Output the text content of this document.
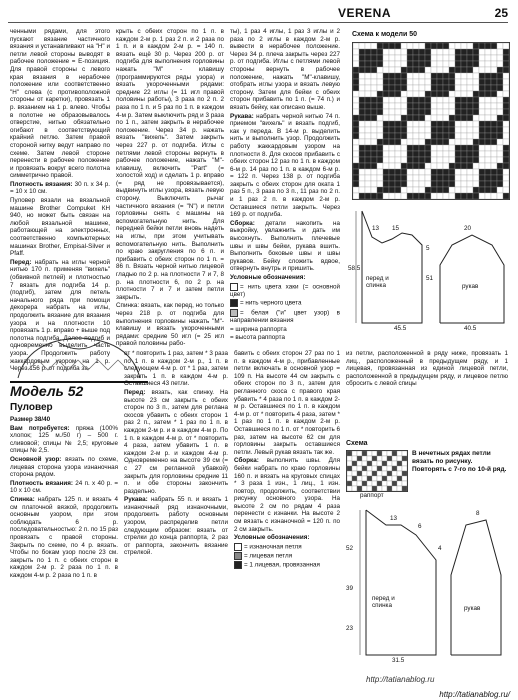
VERENA	25

ченными рядами, для этого пускают вязание частичного вязания и устанавливают на "Н" и петли левой стороны выводят в рабочее положение = Е-позиция. Для правой стороны с левого края вязания в нерабочее положение или соответственно "Н" слева (с противоположной стороны от каретки), провязать 1 р. вязанием на 1 р. влево. Чтобы в полотне не образовывалось отверстие, нитью обязательно огибают в соответствующий крайний петлю. Затем правой стороной нитку ведут направо по схеме. Затем левой стороне перенести в рабочее положение и провязать вокруг всего полотна симметрично правой.

Плотность вязания: 30 п. х 34 р. = 10 х 10 см.

Пуловер вязали на вязальной машине Brother Compuket КН 940, но может быть связан на любой вязальной машине, работающей на электронных, соответственно компьютерных машинах Brother, Empisal-Silver и Pfaff.

Перед: набрать на иглы черной нитью 170 п. применяя "вихель" (обвивной петлей) и плотностью 7 вязать для подгиба 14 р. (подгиб), затем для петель начального ряда при помощи декорера набрать на иглы, продолжить вязание для вязания узора и на плотности 10 провязать 1 р. вправо + выше под полотна подгиба. Далее подгиб и одновременно выделить часть узора. Продолжить работу жаккардовым узором на 1 р. Через 156 р. от подгиба за-

крыть с обеих сторон по 1 п. в каждом 2-м р. 1 раз 2 п. и 2 раза по 1 п. и в каждом 2-м р. = 140 п. вязать ещё 30 р. Через 200 р. от подгиба для выполнения горловины нажать "М" - клавишу (программируются ряды узора) и вязать укороченными рядами: средние 22 иглы (= 11 игл правой половины работы), 3 раза по 2 п. 2 раза по 1 п. и 5 раз по 1 п. в каждом 4-м р. Затем выключить ряд и 3 раза по 1 п., затем закрыть в нерабочее положение. Через 34 р. нажать вязать "вихель". Затем закрыть через 227 р. от подгиба. Иглы с петлями левой стороны вернуть в рабочее положение, нажать "М"-клавишу, включить "Part" (= холостой ход) и сделать 1 р. вправо (= ряд не провязывается), выдвинуть иглы узора, вязать левую сторону. Выключить рычаг частичного вязания (= "N") и петли горловины снять с машины на вспомогательную нить. Для передней бейки петли вновь надеть на иглы, при этом учитывать вспомогательную нить. Выполнить по краю закругления по 6 п. и прибавить с обеих сторон по 1 п. = 86 п. Вязать черной нитью лицевой гладью по 2 р. на плотности 7 и 7, 8 р. на плотности 6, по 2 р. на плотности 7 и 7 и затем петли закрыть.

Спинка: вязать, как перед, но только через 218 р. от подгиба для выполнения горловины нажать "М"-клавишу и вязать укороченными рядами: средние 50 игл (= 25 игл правой половины рабо-

ты), 1 раз 4 иглы, 1 раз 3 иглы и 2 раза по 2 иглы в каждом 2-м р. вывести в нерабочее положение. Через 34 р. плеча закрыть через 227 р. от подгиба. Иглы с петлями левой стороны вернуть в рабочее положение, нажать "М"-клавишу, отобрать иглы узора и вязать левую сторону. Затем для бейки с обеих сторон прибавить по 1 п. (= 74 п.) и вязать бейку, как описано выше.

Рукава: набрать черной нитью 74 п. приемом "вихель" и вязать подгиб, как у переда. В 14-м р. выделить нить и выполнить узор. Продолжить работу жаккардовым узором на плотности 8. Для скосов прибавить с обеих сторон 12 раз по 1 п. в каждом 6-м р. 14 раз по 1 п. в каждом 6-м р. = 122 п. Через 138 р. от подгиба закрыть с обеих сторон для оката 1 раз 5 п., 3 раза по 3 п., 11 раз по 2 п. и 1 раз 2 п. в каждом 2-м р. Оставшиеся петли закрыть. Через 169 р. от подгиба.

Сборка: детали накопить на выкройку, увлажнить и дать им высохнуть. Выполнить плечевые швы и швы бейки, рукава вшить. Выполнить боковые швы и швы рукавов. Бейку сложить вдвое, отвернуть внутрь и пришить.

Условные обозначения:

= нить цвета хаки (= основной цвет)

= нить черного цвета

= белая ("и" цвет узор) в направлении вязания

= ширина раппорта

= высота раппорта

Схема к модели 50
перед и спинка	рукав
58.5
45.5	40.5
51
15
13	20
5
Модель 52
Пуловер

Размер 38/40

Вам потребуется: пряжа (100% хлопок; 125 м./50 г) – 500 г. сливовой; спицы № 2,5; круговые спицы № 2,5.

Основной узор: вязать по схеме, лицевая сторона узора изнаночная сторона рядом.

Плотность вязания: 24 п. х 40 р. = 10 х 10 см.

Спинка: набрать 125 п. и вязать 4 см платочной вязкой, продолжить основным узором, при этом соблюдать 6 р. последовательностью: 2 п. по 15 раз провязать с правой стороны. Закрыть по схеме, по 4 р. вязать. Чтобы по бокам узор после 23 см. закрыть по 1 п. с обеих сторон в каждом 2-м р. 2 раза по 1 п. в каждом 4-м р. 2 раза по 1 п. в

от * повторить 1 раз, затем * 3 раза по 1 п. в каждом 2-м р., 1 п. в следующем 4-м р. от * 1 раз, затем закрыть 1 п. в каждом 4-м р. Оставшиеся 43 петли.

Перед: вязать, как спинку. На высоте 23 см закрыть с обеих сторон по 3 п., затем для реглана скосов убавить с обеих сторон 1 раз 2 п., затем * 1 раз по 1 п. в каждом 2-м р. и в каждом 4-м р. По 1 п. в каждом 4-м р. от * повторить 4 раза, затем убавить 1 п. в каждом 2-м р. и каждом 4-м р. Одновременно на высоте 39 см (= с 27 см регланной убавкой) закрыть для горловины средние 11 п. и обе стороны закончить раздельно.

Рукава: набрать 55 п. и вязать 1 изнаночный ряд изнаночными, продолжить работу основным узором, распределив петли следующим образом: вязать от стрелки до конца раппорта, 2 раз от раппорта, закончить вязание стрелкой.

бавить с обеих сторон 27 раз по 1 п. в каждом 4-м р., прибавленные петли включать в основной узор = 109 п. На высоте 44 см закрыть с обеих сторон по 3 п., затем для регланного скоса с правого края убавить * 4 раза по 1 п. в каждом 2-м р. Оставшиеся по 1 п. в каждом 4-м р. от * повторить 4 раза, затем * 1 раз по 1 п. в каждом 2-м р. Оставшиеся по 1 п. от * повторить 6 раз, затем на высоте 62 см для горловины закрыть оставшиеся петли. Левый рукав вязать так же.

Сборка: выполнить швы. Для бейки набрать по краю горловины 160 п. и вязать на круговых спицах * 3 раза 1 изн., 1 лиц., 1 изн. повтор, продолжить, соответствии рисунку основного узора. На высоте 2 см по рядам 4 раза перенести с изнанки. На высоте 2 см вязать с изнаночной = 120 п. по 2 см закрыть.

Условные обозначения:

= изнаночная петля

= лицевая петля

= 1 лицевая, провязанная

из петли, расположенной в ряду ниже, провязать 1 лиц., расположенный в предыдущем ряду, и 1 лицевая, провязанная из единой лицевой петли, расположенной в предыдущем ряду, и лицевое петлю сбросить с левой спицы

Схема
раппорт
В нечетных рядах петли вязать по рисунку. Повторять с 7-го по 10-й ряд.
перед и спинка	рукав
52
39
23
13
6
31.5
4
8
http://tatianablog.ru
http://tatianablog.ru/
